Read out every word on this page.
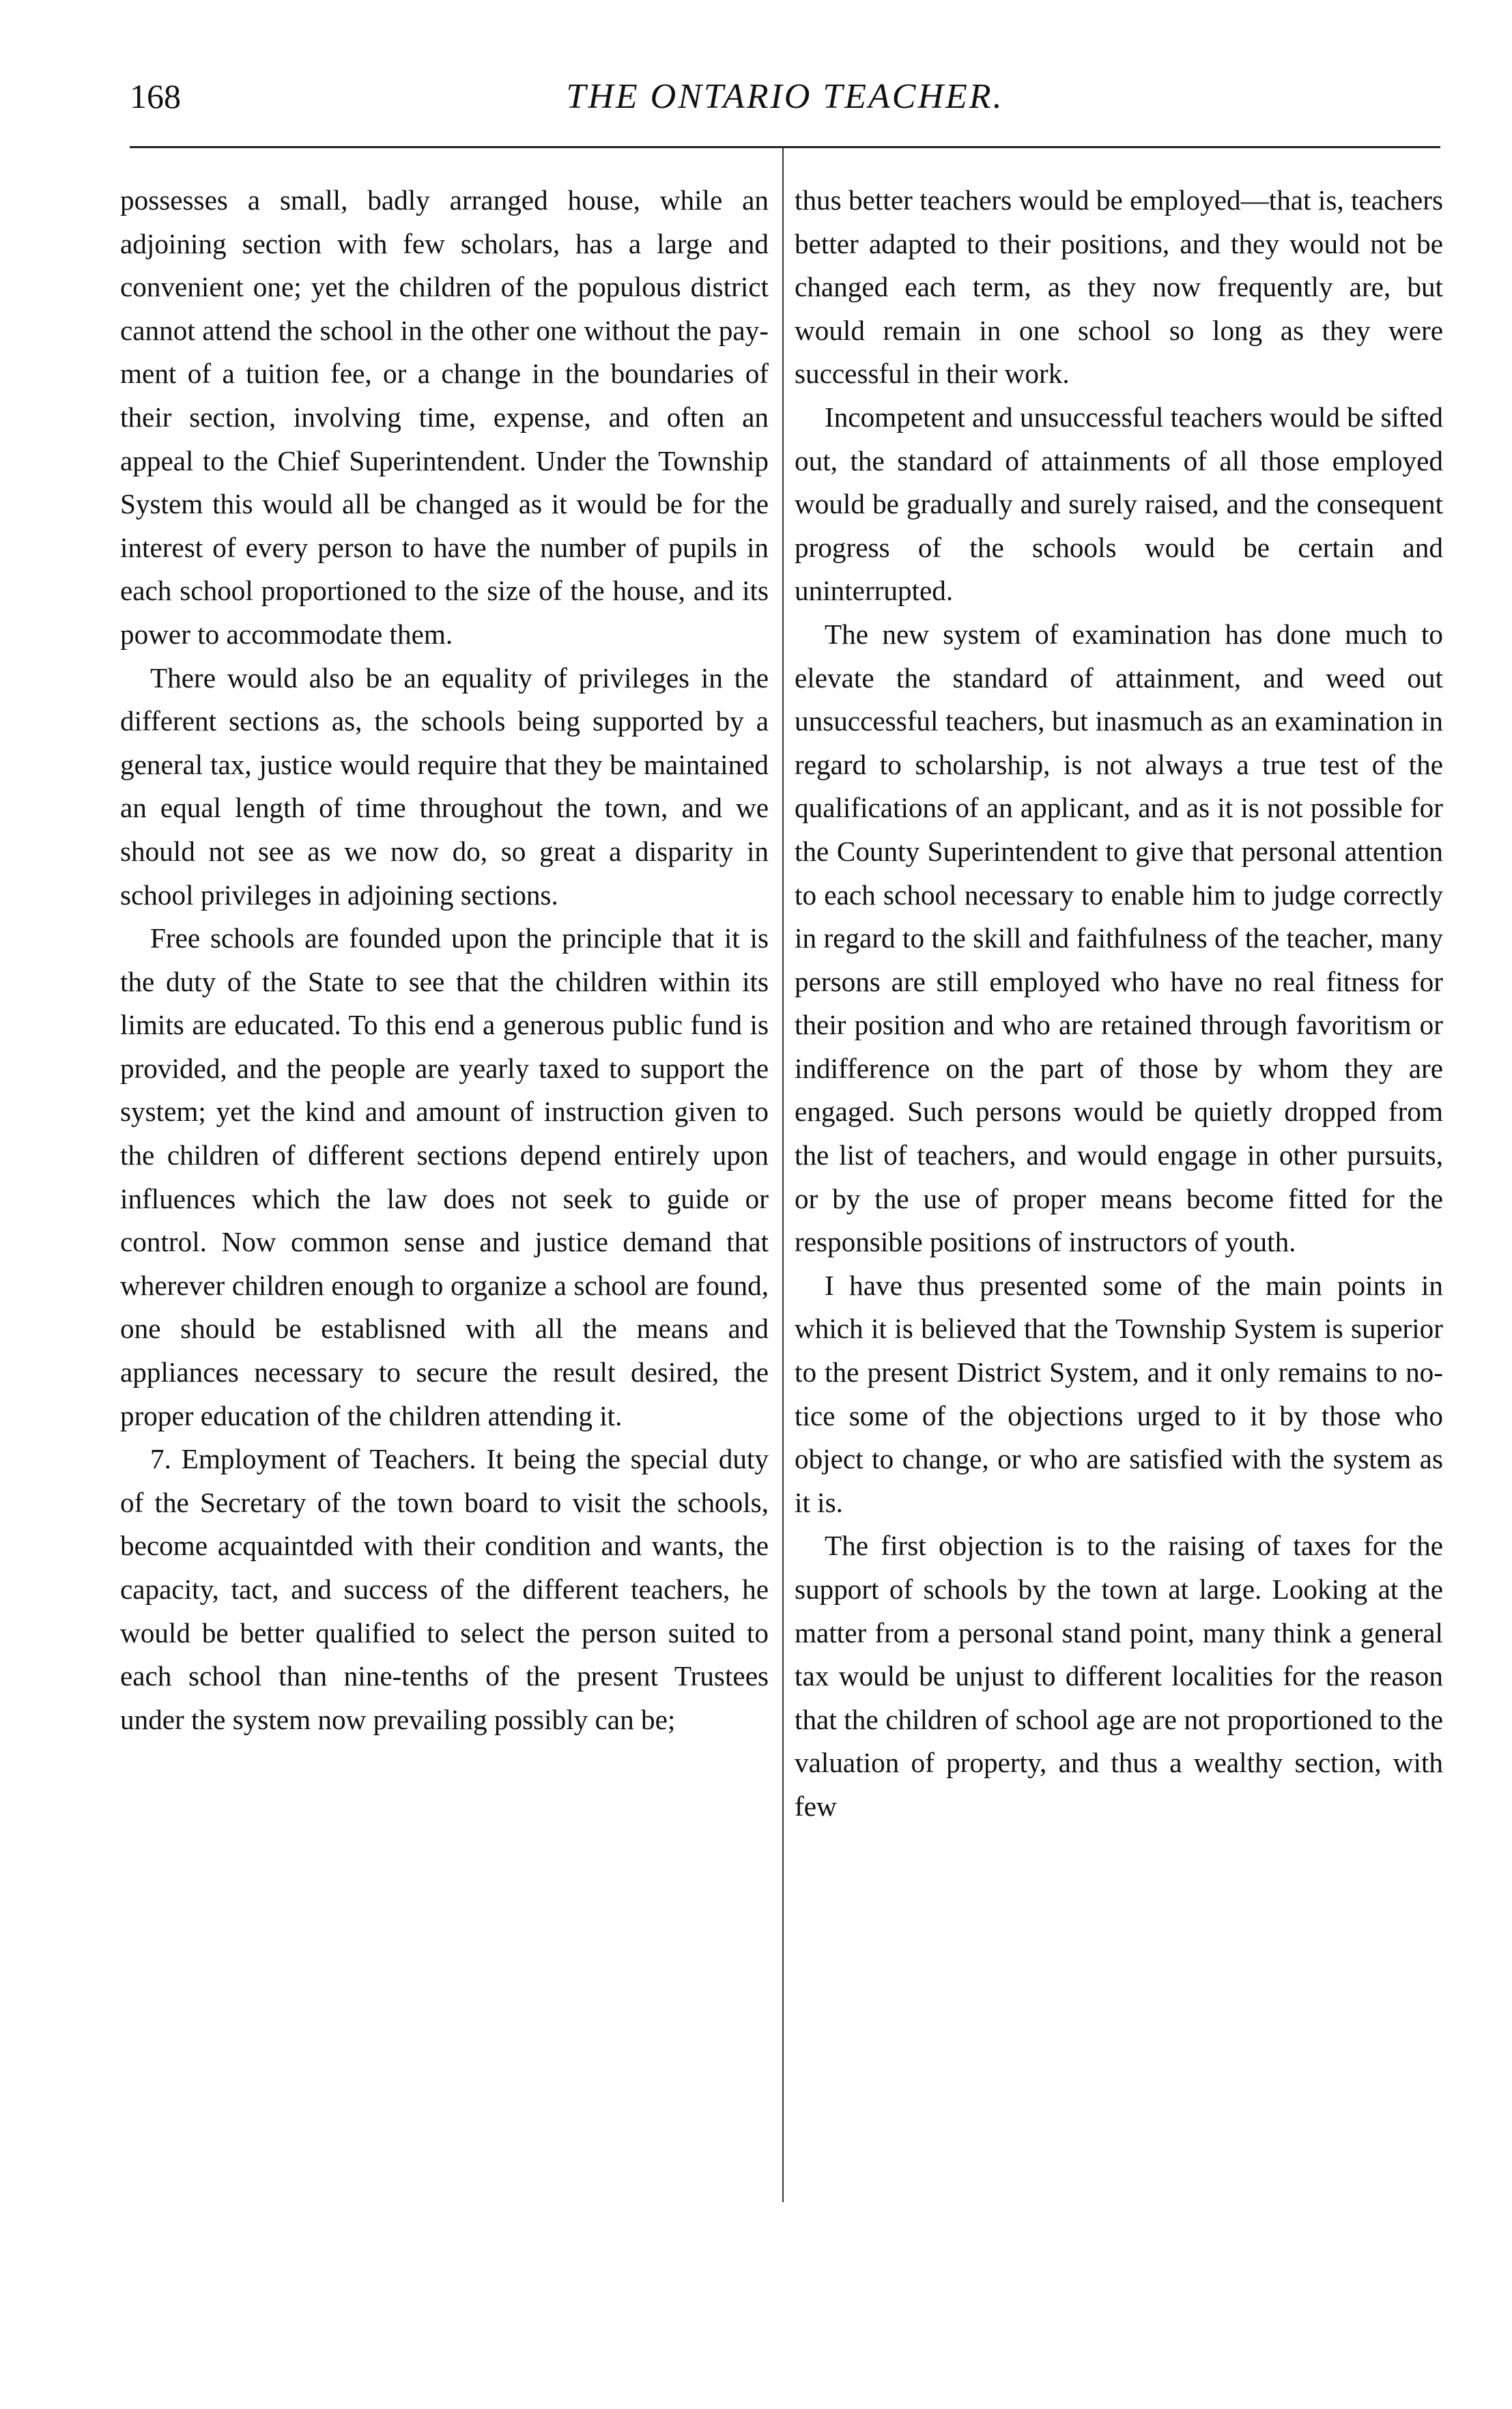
168	THE ONTARIO TEACHER.

possesses a small, badly arranged house, while an adjoining section with few scholars, has a large and convenient one; yet the children of the populous district cannot attend the school in the other one without the payment of a tuition fee, or a change in the boundaries of their section, involving time, expense, and often an appeal to the Chief Superintendent. Under the Township System this would all be changed as it would be for the interest of every person to have the number of pupils in each school proportioned to the size of the house, and its power to accommodate them.

There would also be an equality of privileges in the different sections as, the schools being supported by a general tax, justice would require that they be maintained an equal length of time throughout the town, and we should not see as we now do, so great a disparity in school privileges in adjoining sections.

Free schools are founded upon the principle that it is the duty of the State to see that the children within its limits are educated. To this end a generous public fund is provided, and the people are yearly taxed to support the system; yet the kind and amount of instruction given to the children of different sections depend entirely upon influences which the law does not seek to guide or control. Now common sense and justice demand that wherever children enough to organize a school are found, one should be establisned with all the means and appliances necessary to secure the result desired, the proper education of the children attending it.

7. Employment of Teachers. It being the special duty of the Secretary of the town board to visit the schools, become acquaintded with their condition and wants, the capacity, tact, and success of the different teachers, he would be better qualified to select the person suited to each school than nine-tenths of the present Trustees under the system now prevailing possibly can be;

thus better teachers would be employed—that is, teachers better adapted to their positions, and they would not be changed each term, as they now frequently are, but would remain in one school so long as they were successful in their work.

Incompetent and unsuccessful teachers would be sifted out, the standard of attainments of all those employed would be gradually and surely raised, and the consequent progress of the schools would be certain and uninterrupted.

The new system of examination has done much to elevate the standard of attainment, and weed out unsuccessful teachers, but inasmuch as an examination in regard to scholarship, is not always a true test of the qualifications of an applicant, and as it is not possible for the County Superintendent to give that personal attention to each school necessary to enable him to judge correctly in regard to the skill and faithfulness of the teacher, many persons are still employed who have no real fitness for their position and who are retained through favoritism or indifference on the part of those by whom they are engaged. Such persons would be quietly dropped from the list of teachers, and would engage in other pursuits, or by the use of proper means become fitted for the responsible positions of instructors of youth.

I have thus presented some of the main points in which it is believed that the Township System is superior to the present District System, and it only remains to notice some of the objections urged to it by those who object to change, or who are satisfied with the system as it is.

The first objection is to the raising of taxes for the support of schools by the town at large. Looking at the matter from a personal stand point, many think a general tax would be unjust to different localities for the reason that the children of school age are not proportioned to the valuation of property, and thus a wealthy section, with few
